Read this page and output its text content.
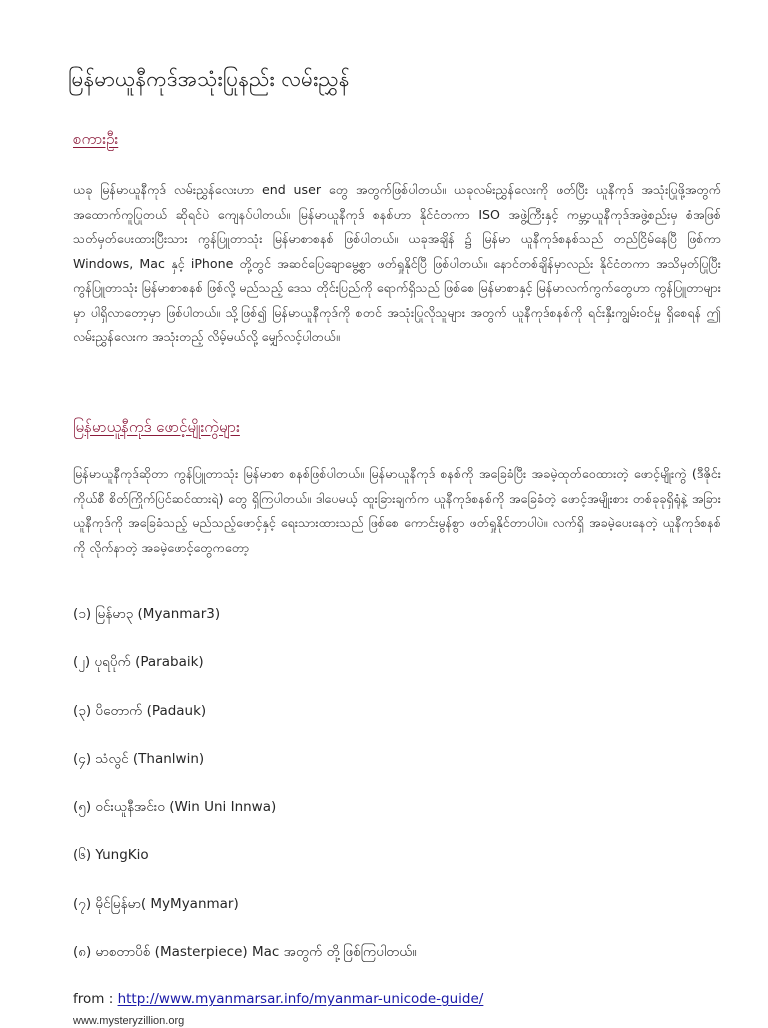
မြန်မာယူနီကုဒ်အသုံးပြုနည်း လမ်းညွှန်
စကားဦး

ယခု မြန်မာယူနီကုဒ် လမ်းညွှန်လေးဟာ end user တွေ အတွက်ဖြစ်ပါတယ်။ ယခုလမ်းညွှန်လေးကို ဖတ်ပြီး ယူနီကုဒ် အသုံးပြုဖို့အတွက် အထောက်ကူပြုတယ် ဆိုရင်ပဲ ကျေနပ်ပါတယ်။ မြန်မာယူနီကုဒ် စနစ်ဟာ နိုင်ငံတကာ ISO အဖွဲ့ကြီးနှင့် ကမ္ဘာ့ယူနီကုဒ်အဖွဲ့စည်းမှ စံအဖြစ် သတ်မှတ်ပေးထားပြီးသား ကွန်ပြူတာသုံး မြန်မာစာစနစ် ဖြစ်ပါတယ်။ ယခုအချိန် ၌ မြန်မာ ယူနီကုဒ်စနစ်သည် တည်ငြိမ်နေပြီ ဖြစ်ကာ Windows, Mac နှင့် iPhone တို့တွင် အဆင်ပြေချောမွေ့စွာ ဖတ်ရှုနိုင်ပြီ ဖြစ်ပါတယ်။ နောင်တစ်ချိန်မှာလည်း နိုင်ငံတကာ အသိမှတ်ပြုပြီး ကွန်ပြူတာသုံး မြန်မာစာစနစ် ဖြစ်လို့ မည်သည့် ဒေသ တိုင်းပြည်ကို ရောက်ရှိသည် ဖြစ်စေ မြန်မာစာနှင့် မြန်မာလက်ကွက်တွေဟာ ကွန်ပြူတာများမှာ ပါရှိလာတော့မှာ ဖြစ်ပါတယ်။ သို့ဖြစ်၍ မြန်မာယူနီကုဒ်ကို စတင် အသုံးပြုလိုသူများ အတွက် ယူနီကုဒ်စနစ်ကို ရင်းနှီးကျွမ်းဝင်မှု ရှိစေရန် ဤလမ်းညွှန်လေးက အသုံးတည့် လိမ့်မယ်လို့ မျှော်လင့်ပါတယ်။

မြန်မာယူနီကုဒ် ဖောင့်မျိုးကွဲများ

မြန်မာယူနီကုဒ်ဆိုတာ ကွန်ပြူတာသုံး မြန်မာစာ စနစ်ဖြစ်ပါတယ်။ မြန်မာယူနီကုဒ် စနစ်ကို အခြေခံပြီး အခမဲ့ထုတ်ဝေထားတဲ့ ဖောင့်မျိုးကွဲ (ဒီဇိုင်းကိုယ်စီ စိတ်ကြိုက်ပြင်ဆင်ထားရဲ) တွေ ရှိကြပါတယ်။ ဒါပေမယ့် ထူးခြားချက်က ယူနီကုဒ်စနစ်ကို အခြေခံတဲ့ ဖောင့်အမျိုးစား တစ်ခုခုရှိရုံနဲ့ အခြား ယူနီကုဒ်ကို အခြေခံသည့် မည်သည့်ဖောင့်နှင့် ရေးသားထားသည် ဖြစ်စေ ကောင်းမွန်စွာ ဖတ်ရှုနိုင်တာပါပဲ။ လက်ရှိ အခမဲ့ပေးနေတဲ့ ယူနီကုဒ်စနစ်ကို လိုက်နာတဲ့ အခမဲ့ဖောင့်တွေကတော့

(၁) မြန်မာ၃ (Myanmar3)
(၂) ပုရပိုက် (Parabaik)
(၃) ပိတောက် (Padauk)
(၄) သံလွင် (Thanlwin)
(၅) ဝင်းယူနီအင်းဝ (Win Uni Innwa)
(၆) YungKio
(၇) မိုင်မြန်မာ( MyMyanmar)
(၈) မာစတာပိစ် (Masterpiece) Mac အတွက် တို့ဖြစ်ကြပါတယ်။
from : http://www.myanmarsar.info/myanmar-unicode-guide/
www.mysteryzillion.org
